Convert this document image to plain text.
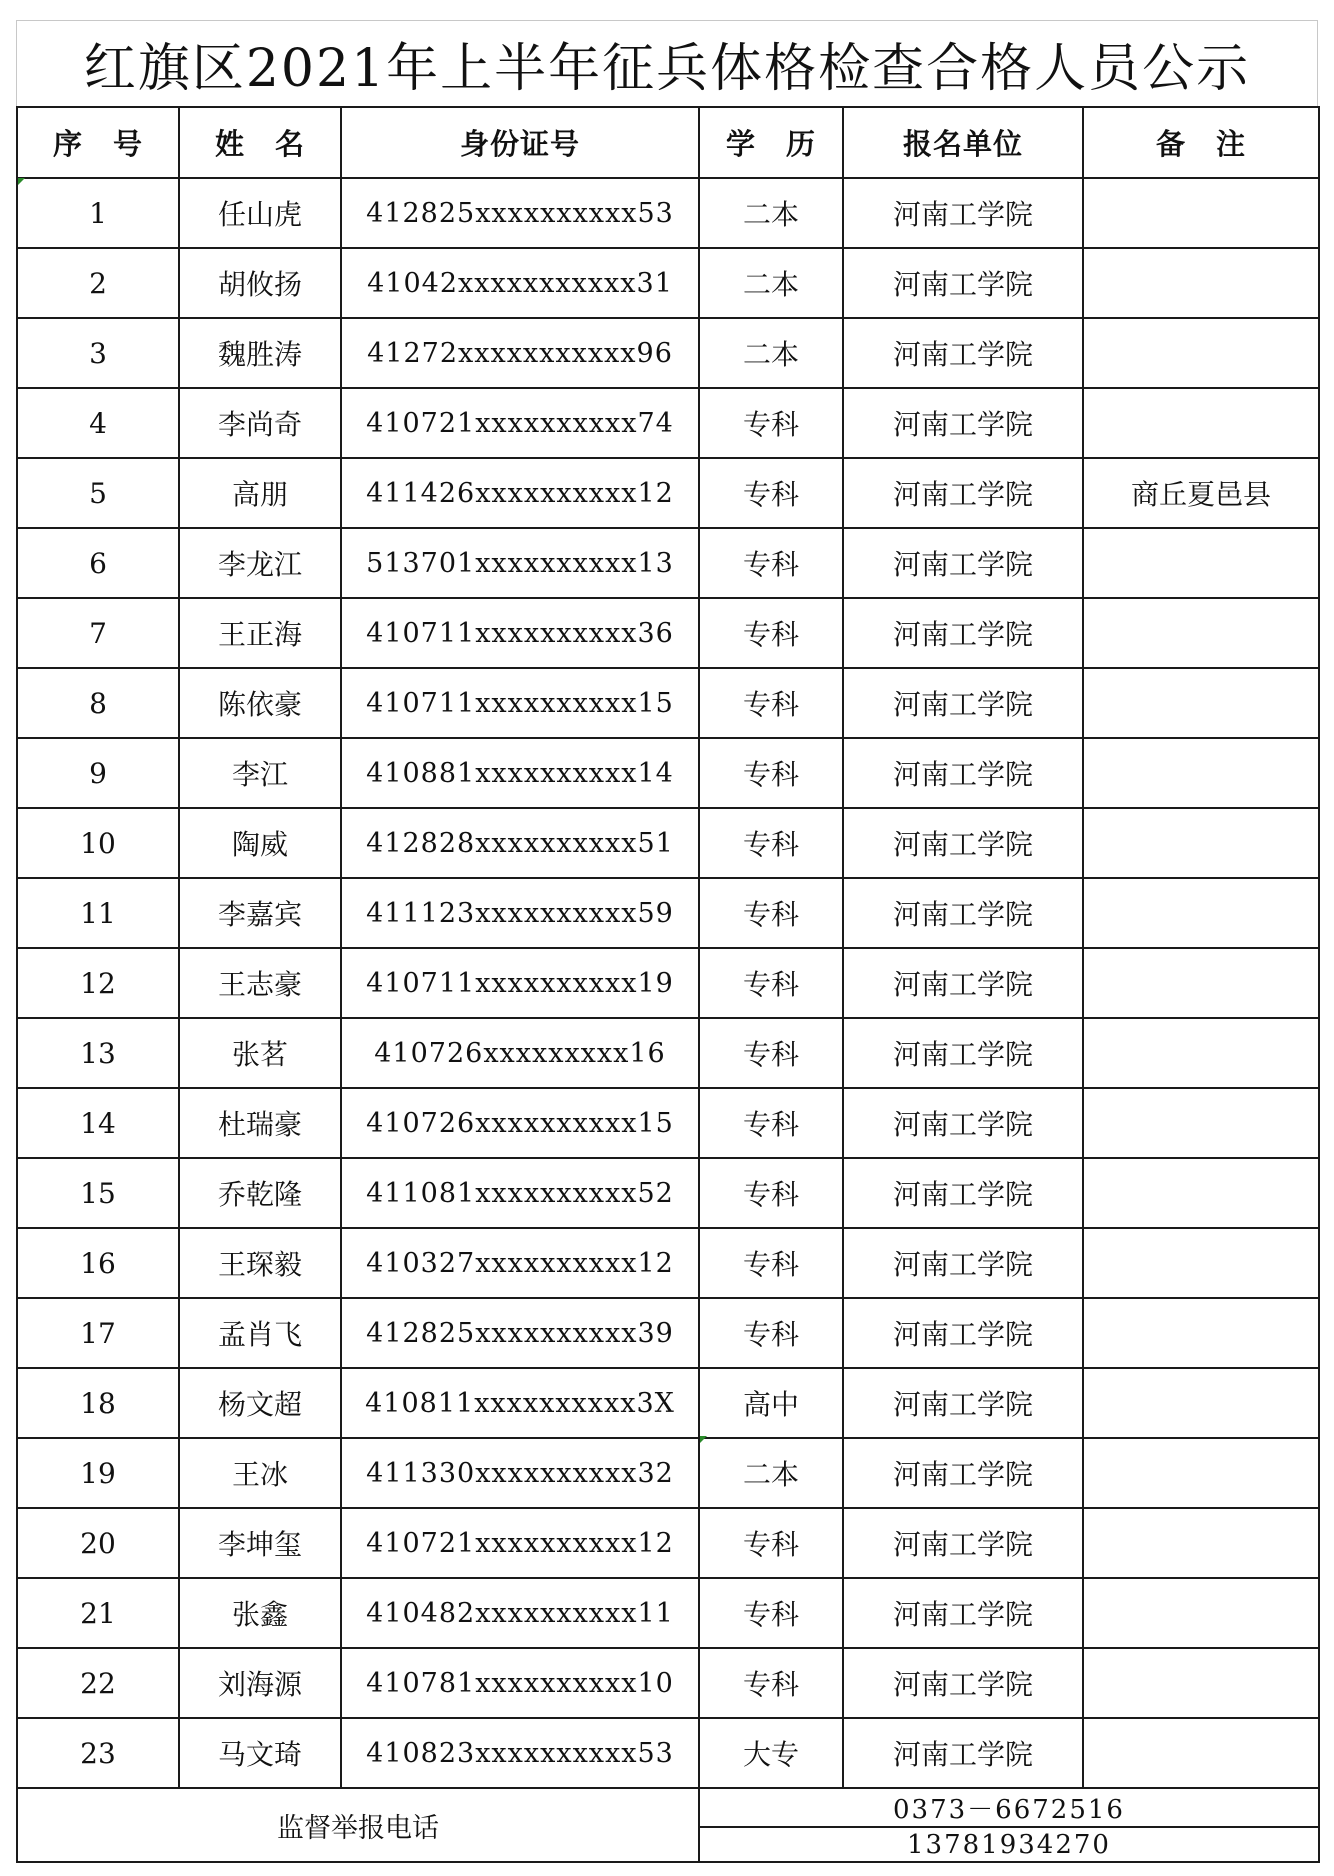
红旗区2021年上半年征兵体格检查合格人员公示
序　号	姓　名	身份证号	学　历	报名单位	备　注
1	任山虎	412825xxxxxxxxxx53	二本	河南工学院	
2	胡攸扬	41042xxxxxxxxxxx31	二本	河南工学院	
3	魏胜涛	41272xxxxxxxxxxx96	二本	河南工学院	
4	李尚奇	410721xxxxxxxxxx74	专科	河南工学院	
5	高朋	411426xxxxxxxxxx12	专科	河南工学院	商丘夏邑县
6	李龙江	513701xxxxxxxxxx13	专科	河南工学院	
7	王正海	410711xxxxxxxxxx36	专科	河南工学院	
8	陈依豪	410711xxxxxxxxxx15	专科	河南工学院	
9	李江	410881xxxxxxxxxx14	专科	河南工学院	
10	陶威	412828xxxxxxxxxx51	专科	河南工学院	
11	李嘉宾	411123xxxxxxxxxx59	专科	河南工学院	
12	王志豪	410711xxxxxxxxxx19	专科	河南工学院	
13	张茗	410726xxxxxxxxx16	专科	河南工学院	
14	杜瑞豪	410726xxxxxxxxxx15	专科	河南工学院	
15	乔乾隆	411081xxxxxxxxxx52	专科	河南工学院	
16	王琛毅	410327xxxxxxxxxx12	专科	河南工学院	
17	孟肖飞	412825xxxxxxxxxx39	专科	河南工学院	
18	杨文超	410811xxxxxxxxxx3X	高中	河南工学院	
19	王冰	411330xxxxxxxxxx32	二本	河南工学院	
20	李坤玺	410721xxxxxxxxxx12	专科	河南工学院	
21	张鑫	410482xxxxxxxxxx11	专科	河南工学院	
22	刘海源	410781xxxxxxxxxx10	专科	河南工学院	
23	马文琦	410823xxxxxxxxxx53	大专	河南工学院	
监督举报电话			0373－6672516		
			13781934270		
